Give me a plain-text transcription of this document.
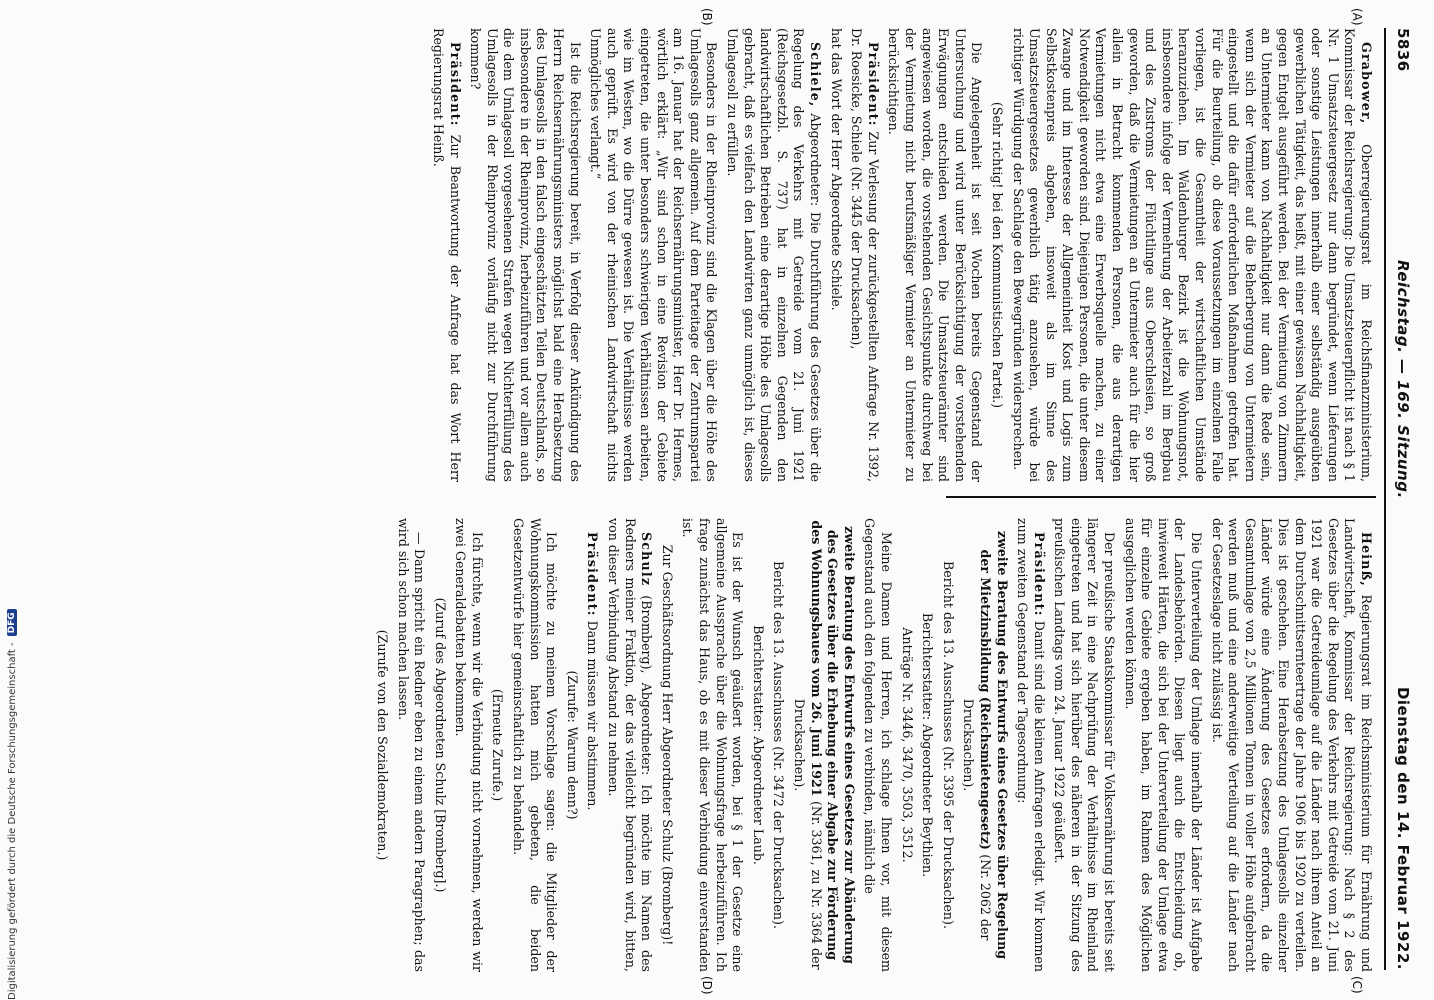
5836
Reichstag. — 169. Sitzung.
Dienstag den 14. Februar 1922.
(A)
(B)
(C)
(D)

Grabower, Oberregierungsrat im Reichsfinanzministerium, Kommissar der Reichsregierung: Die Umsatzsteuerpflicht ist nach § 1 Nr. 1 Umsatzsteuergesetz nur dann begründet, wenn Lieferungen oder sonstige Leistungen innerhalb einer selbständig ausgeübten gewerblichen Tätigkeit, das heißt, mit einer gewissen Nachhaltigkeit, gegen Entgelt ausgeführt werden. Bei der Vermietung von Zimmern an Untermieter kann von Nachhaltigkeit nur dann die Rede sein, wenn sich der Vermieter auf die Beherbergung von Untermietern eingestellt und die dafür erforderlichen Maßnahmen getroffen hat. Für die Beurteilung, ob diese Voraussetzungen im einzelnen Falle vorliegen, ist die Gesamtheit der wirtschaftlichen Umstände heranzuziehen. Im Waldenburger Bezirk ist die Wohnungsnot, insbesondere infolge der Vermehrung der Arbeiterzahl im Bergbau und des Zustroms der Flüchtlinge aus Oberschlesien, so groß geworden, daß die Vermietungen an Untermieter auch für die hier allein in Betracht kommenden Personen, die aus derartigen Vermietungen nicht etwa eine Erwerbsquelle machen, zu einer Notwendigkeit geworden sind. Diejenigen Personen, die unter diesem Zwange und im Interesse der Allgemeinheit Kost und Logis zum Selbstkostenpreis abgeben, insoweit als im Sinne des Umsatzsteuergesetzes gewerblich tätig anzusehen, würde bei richtiger Würdigung der Sachlage den Bewegründen widersprechen.

(Sehr richtig! bei den Kommunistischen Partei.)

Die Angelegenheit ist seit Wochen bereits Gegenstand der Untersuchung und wird unter Berücksichtigung der vorstehenden Erwägungen entschieden werden. Die Umsatzsteuerämter sind angewiesen worden, die vorstehenden Gesichtspunkte durchweg bei der Vermietung nicht berufsmäßiger Vermieter an Untermieter zu berücksichtigen.

Präsident: Zur Verlesung der zurückgestellten Anfrage Nr. 1392, Dr. Roesicke, Schiele (Nr. 3445 der Drucksachen),

hat das Wort der Herr Abgeordnete Schiele.

Schiele, Abgeordneter: Die Durchführung des Gesetzes über die Regelung des Verkehrs mit Getreide vom 21. Juni 1921 (Reichsgesetzbl. S. 737) hat in einzelnen Gegenden den landwirtschaftlichen Betrieben eine derartige Höhe des Umlagesolls gebracht, daß es vielfach den Landwirten ganz unmöglich ist, dieses Umlagesoll zu erfüllen.

Besonders in der Rheinprovinz sind die Klagen über die Höhe des Umlagesolls ganz allgemein. Auf dem Parteitage der Zentrumspartei am 16. Januar hat der Reichsernährungsminister, Herr Dr. Hermes, wörtlich erklärt: „Wir sind schon in eine Revision der Gebiete eingetreten, die unter besonders schwierigen Verhältnissen arbeiten, wie im Westen, wo die Dürre gewesen ist. Die Verhältnisse werden auch geprüft. Es wird von der rheinischen Landwirtschaft nichts Unmögliches verlangt.“

Ist die Reichsregierung bereit, in Verfolg dieser Ankündigung des Herrn Reichsernährungsministers möglichst bald eine Herabsetzung des Umlagesolls in den falsch eingeschätzten Teilen Deutschlands, so insbesondere in der Rheinprovinz, herbeizuführen und vor allem auch die dem Umlagesoll vorgesehenen Strafen wegen Nichterfüllung des Umlagesolls in der Rheinprovinz vorläufig nicht zur Durchführung kommen?

Präsident: Zur Beantwortung der Anfrage hat das Wort Herr Regierungsrat Heinß.

Heinß, Regierungsrat im Reichsministerium für Ernährung und Landwirtschaft, Kommissar der Reichsregierung: Nach § 2 des Gesetzes über die Regelung des Verkehrs mit Getreide vom 21. Juni 1921 war die Getreideumlage auf die Länder nach ihrem Anteil an dem Durchschnittsernteertrage der Jahre 1906 bis 1920 zu verteilen. Dies ist geschehen. Eine Herabsetzung des Umlagesolls einzelner Länder würde eine Änderung des Gesetzes erfordern, da die Gesamtumlage von 2,5 Millionen Tonnen in voller Höhe aufgebracht werden muß und eine anderweitige Verteilung auf die Länder nach der Gesetzeslage nicht zulässig ist.

Die Unterverteilung der Umlage innerhalb der Länder ist Aufgabe der Landesbehörden. Diesen liegt auch die Entscheidung ob, inwieweit Härten, die sich bei der Unterverteilung der Umlage etwa für einzelne Gebiete ergeben haben, im Rahmen des Möglichen ausgeglichen werden können.

Der preußische Staatskommissar für Volksernährung ist bereits seit längerer Zeit in eine Nachprüfung der Verhältnisse im Rheinland eingetreten und hat sich hierüber des näheren in der Sitzung des preußischen Landtags vom 24. Januar 1922 geäußert.

Präsident: Damit sind die kleinen Anfragen erledigt. Wir kommen zum zweiten Gegenstand der Tagesordnung:

zweite Beratung des Entwurfs eines Gesetzes über Regelung der Mietzinsbildung (Reichsmietengesetz) (Nr. 2062 der Drucksachen).

Bericht des 13. Ausschusses (Nr. 3395 der Drucksachen).

Berichterstatter: Abgeordneter Beythien.

Anträge Nr. 3446, 3470, 3503, 3512.

Meine Damen und Herren, ich schlage Ihnen vor, mit diesem Gegenstand auch den folgenden zu verbinden, nämlich die

zweite Beratung des Entwurfs eines Gesetzes zur Abänderung des Gesetzes über die Erhebung einer Abgabe zur Förderung des Wohnungsbaues vom 26. Juni 1921 (Nr. 3361, zu Nr. 3364 der Drucksachen).

Bericht des 13. Ausschusses (Nr. 3472 der Drucksachen).

Berichterstatter: Abgeordneter Laub.

Es ist der Wunsch geäußert worden, bei § 1 der Gesetze eine allgemeine Aussprache über die Wohnungsfrage herbeizuführen. Ich frage zunächst das Haus, ob es mit dieser Verbindung einverstanden ist.

Zur Geschäftsordnung Herr Abgeordneter Schulz (Bromberg)!

Schulz (Bromberg), Abgeordneter: Ich möchte im Namen des Redners meiner Fraktion, der das vielleicht begründen wird, bitten, von dieser Verbindung Abstand zu nehmen.

Präsident: Dann müssen wir abstimmen.

(Zurufe: Warum denn?)

Ich möchte zu meinem Vorschlage sagen: die Mitglieder der Wohnungskommission hatten mich gebeten, die beiden Gesetzentwürfe hier gemeinschaftlich zu behandeln.

(Erneute Zurufe.)

Ich fürchte, wenn wir die Verbindung nicht vornehmen, werden wir zwei Generaldebatten bekommen.

(Zuruf des Abgeordneten Schulz [Bromberg].)

— Dann spricht ein Redner eben zu einem andern Paragraphen; das wird sich schon machen lassen.

(Zurufe von den Sozialdemokraten.)

Digitalisierung gefördert durch die Deutsche Forschungsgemeinschaft -
DFG
